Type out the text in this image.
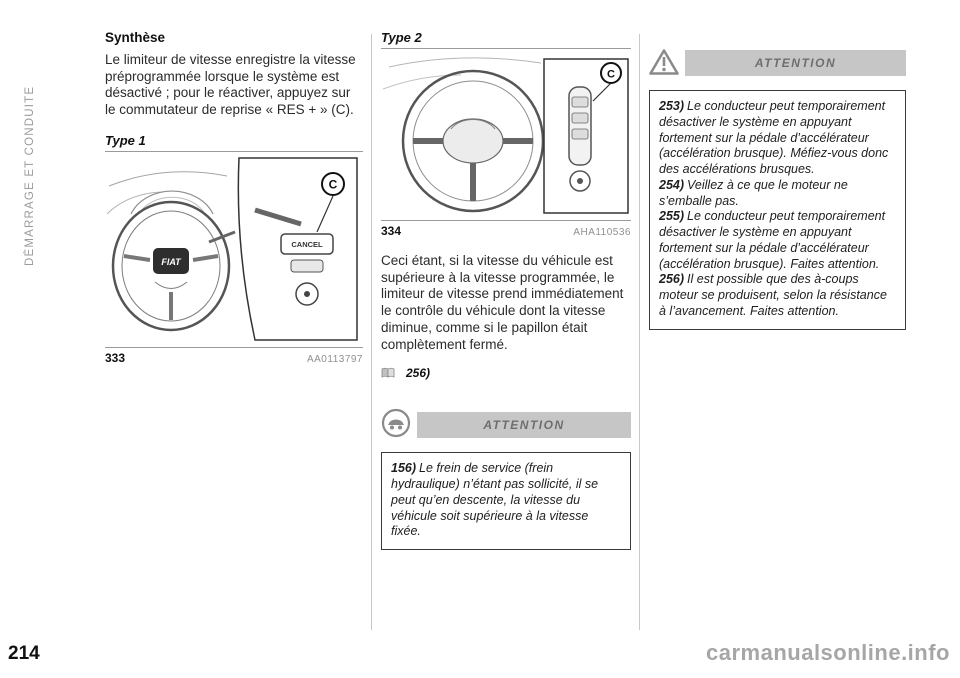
DÉMARRAGE ET CONDUITE
Synthèse

Le limiteur de vitesse enregistre la vitesse préprogrammée lorsque le système est désactivé ; pour le réactiver, appuyez sur le commutateur de reprise « RES + » (C).

Type 1
FIAT
CANCEL
C
333	AA0113797
Type 2
C
334	AHA110536

Ceci étant, si la vitesse du véhicule est supérieure à la vitesse programmée, le limiteur de vitesse prend immédiatement le contrôle du véhicule dont la vitesse diminue, comme si le papillon était complètement fermé.

256)
ATTENTION

156) Le frein de service (frein hydraulique) n’étant pas sollicité, il se peut qu’en descente, la vitesse du véhicule soit supérieure à la vitesse fixée.

ATTENTION

253) Le conducteur peut temporairement désactiver le système en appuyant fortement sur la pédale d’accélérateur (accélération brusque). Méfiez-vous donc des accélérations brusques.

254) Veillez à ce que le moteur ne s’emballe pas.

255) Le conducteur peut temporairement désactiver le système en appuyant fortement sur la pédale d’accélérateur (accélération brusque). Faites attention.

256) Il est possible que des à-coups moteur se produisent, selon la résistance à l’avancement. Faites attention.

214	carmanualsonline.info
